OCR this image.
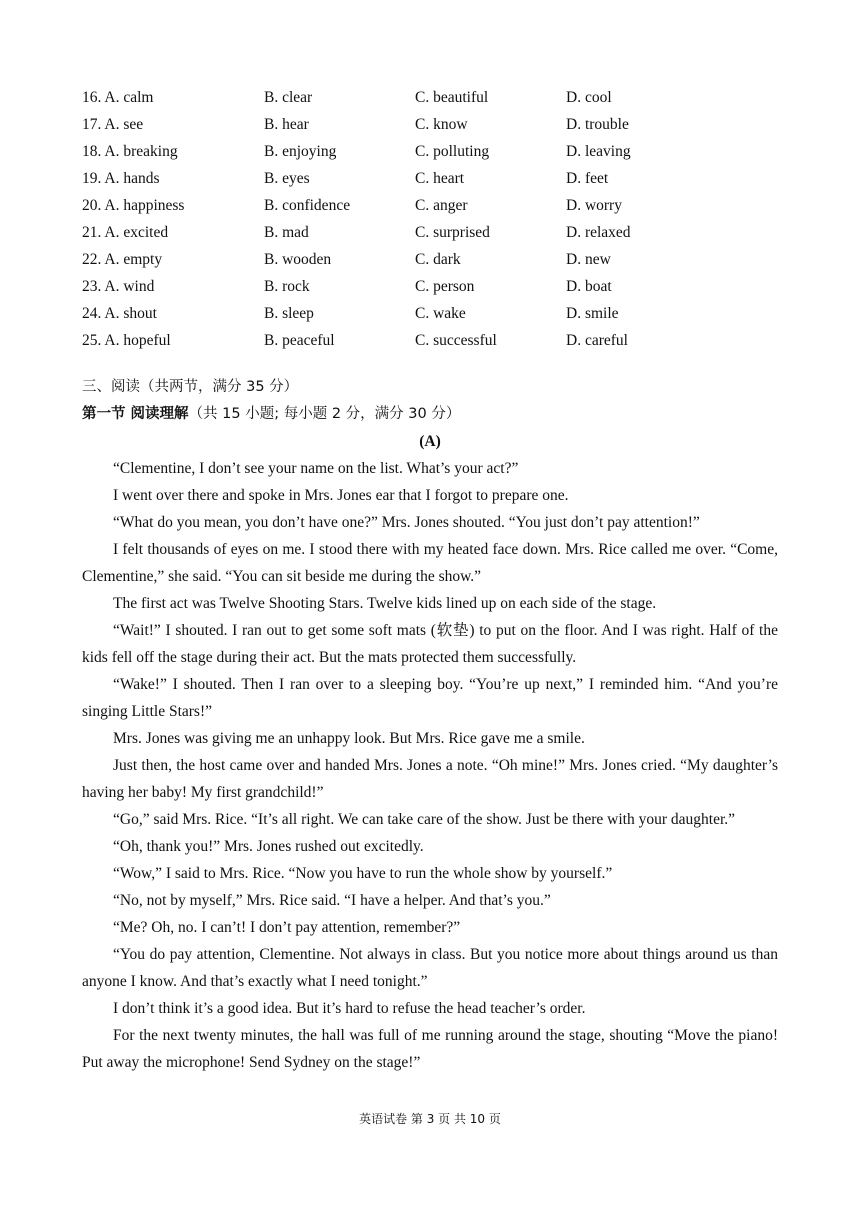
16. A. calm	B. clear	C. beautiful	D. cool
17. A. see	B. hear	C. know	D. trouble
18. A. breaking	B. enjoying	C. polluting	D. leaving
19. A. hands	B. eyes	C. heart	D. feet
20. A. happiness	B. confidence	C. anger	D. worry
21. A. excited	B. mad	C. surprised	D. relaxed
22. A. empty	B. wooden	C. dark	D. new
23. A. wind	B. rock	C. person	D. boat
24. A. shout	B. sleep	C. wake	D. smile
25. A. hopeful	B. peaceful	C. successful	D. careful
三、阅读（共两节，满分 35 分）
第一节 阅读理解（共 15 小题; 每小题 2 分，满分 30 分）
(A)

“Clementine, I don’t see your name on the list. What’s your act?”

I went over there and spoke in Mrs. Jones ear that I forgot to prepare one.

“What do you mean, you don’t have one?” Mrs. Jones shouted. “You just don’t pay attention!”

I felt thousands of eyes on me. I stood there with my heated face down. Mrs. Rice called me over. “Come, Clementine,” she said. “You can sit beside me during the show.”

The first act was Twelve Shooting Stars. Twelve kids lined up on each side of the stage.

“Wait!” I shouted. I ran out to get some soft mats (软垫) to put on the floor. And I was right. Half of the kids fell off the stage during their act. But the mats protected them successfully.

“Wake!” I shouted. Then I ran over to a sleeping boy. “You’re up next,” I reminded him. “And you’re singing Little Stars!”

Mrs. Jones was giving me an unhappy look. But Mrs. Rice gave me a smile.

Just then, the host came over and handed Mrs. Jones a note. “Oh mine!” Mrs. Jones cried. “My daughter’s having her baby! My first grandchild!”

“Go,” said Mrs. Rice. “It’s all right. We can take care of the show. Just be there with your daughter.”

“Oh, thank you!” Mrs. Jones rushed out excitedly.

“Wow,” I said to Mrs. Rice. “Now you have to run the whole show by yourself.”

“No, not by myself,” Mrs. Rice said. “I have a helper. And that’s you.”

“Me? Oh, no. I can’t! I don’t pay attention, remember?”

“You do pay attention, Clementine. Not always in class. But you notice more about things around us than anyone I know. And that’s exactly what I need tonight.”

I don’t think it’s a good idea. But it’s hard to refuse the head teacher’s order.

For the next twenty minutes, the hall was full of me running around the stage, shouting “Move the piano! Put away the microphone! Send Sydney on the stage!”

英语试卷 第 3 页 共 10 页
